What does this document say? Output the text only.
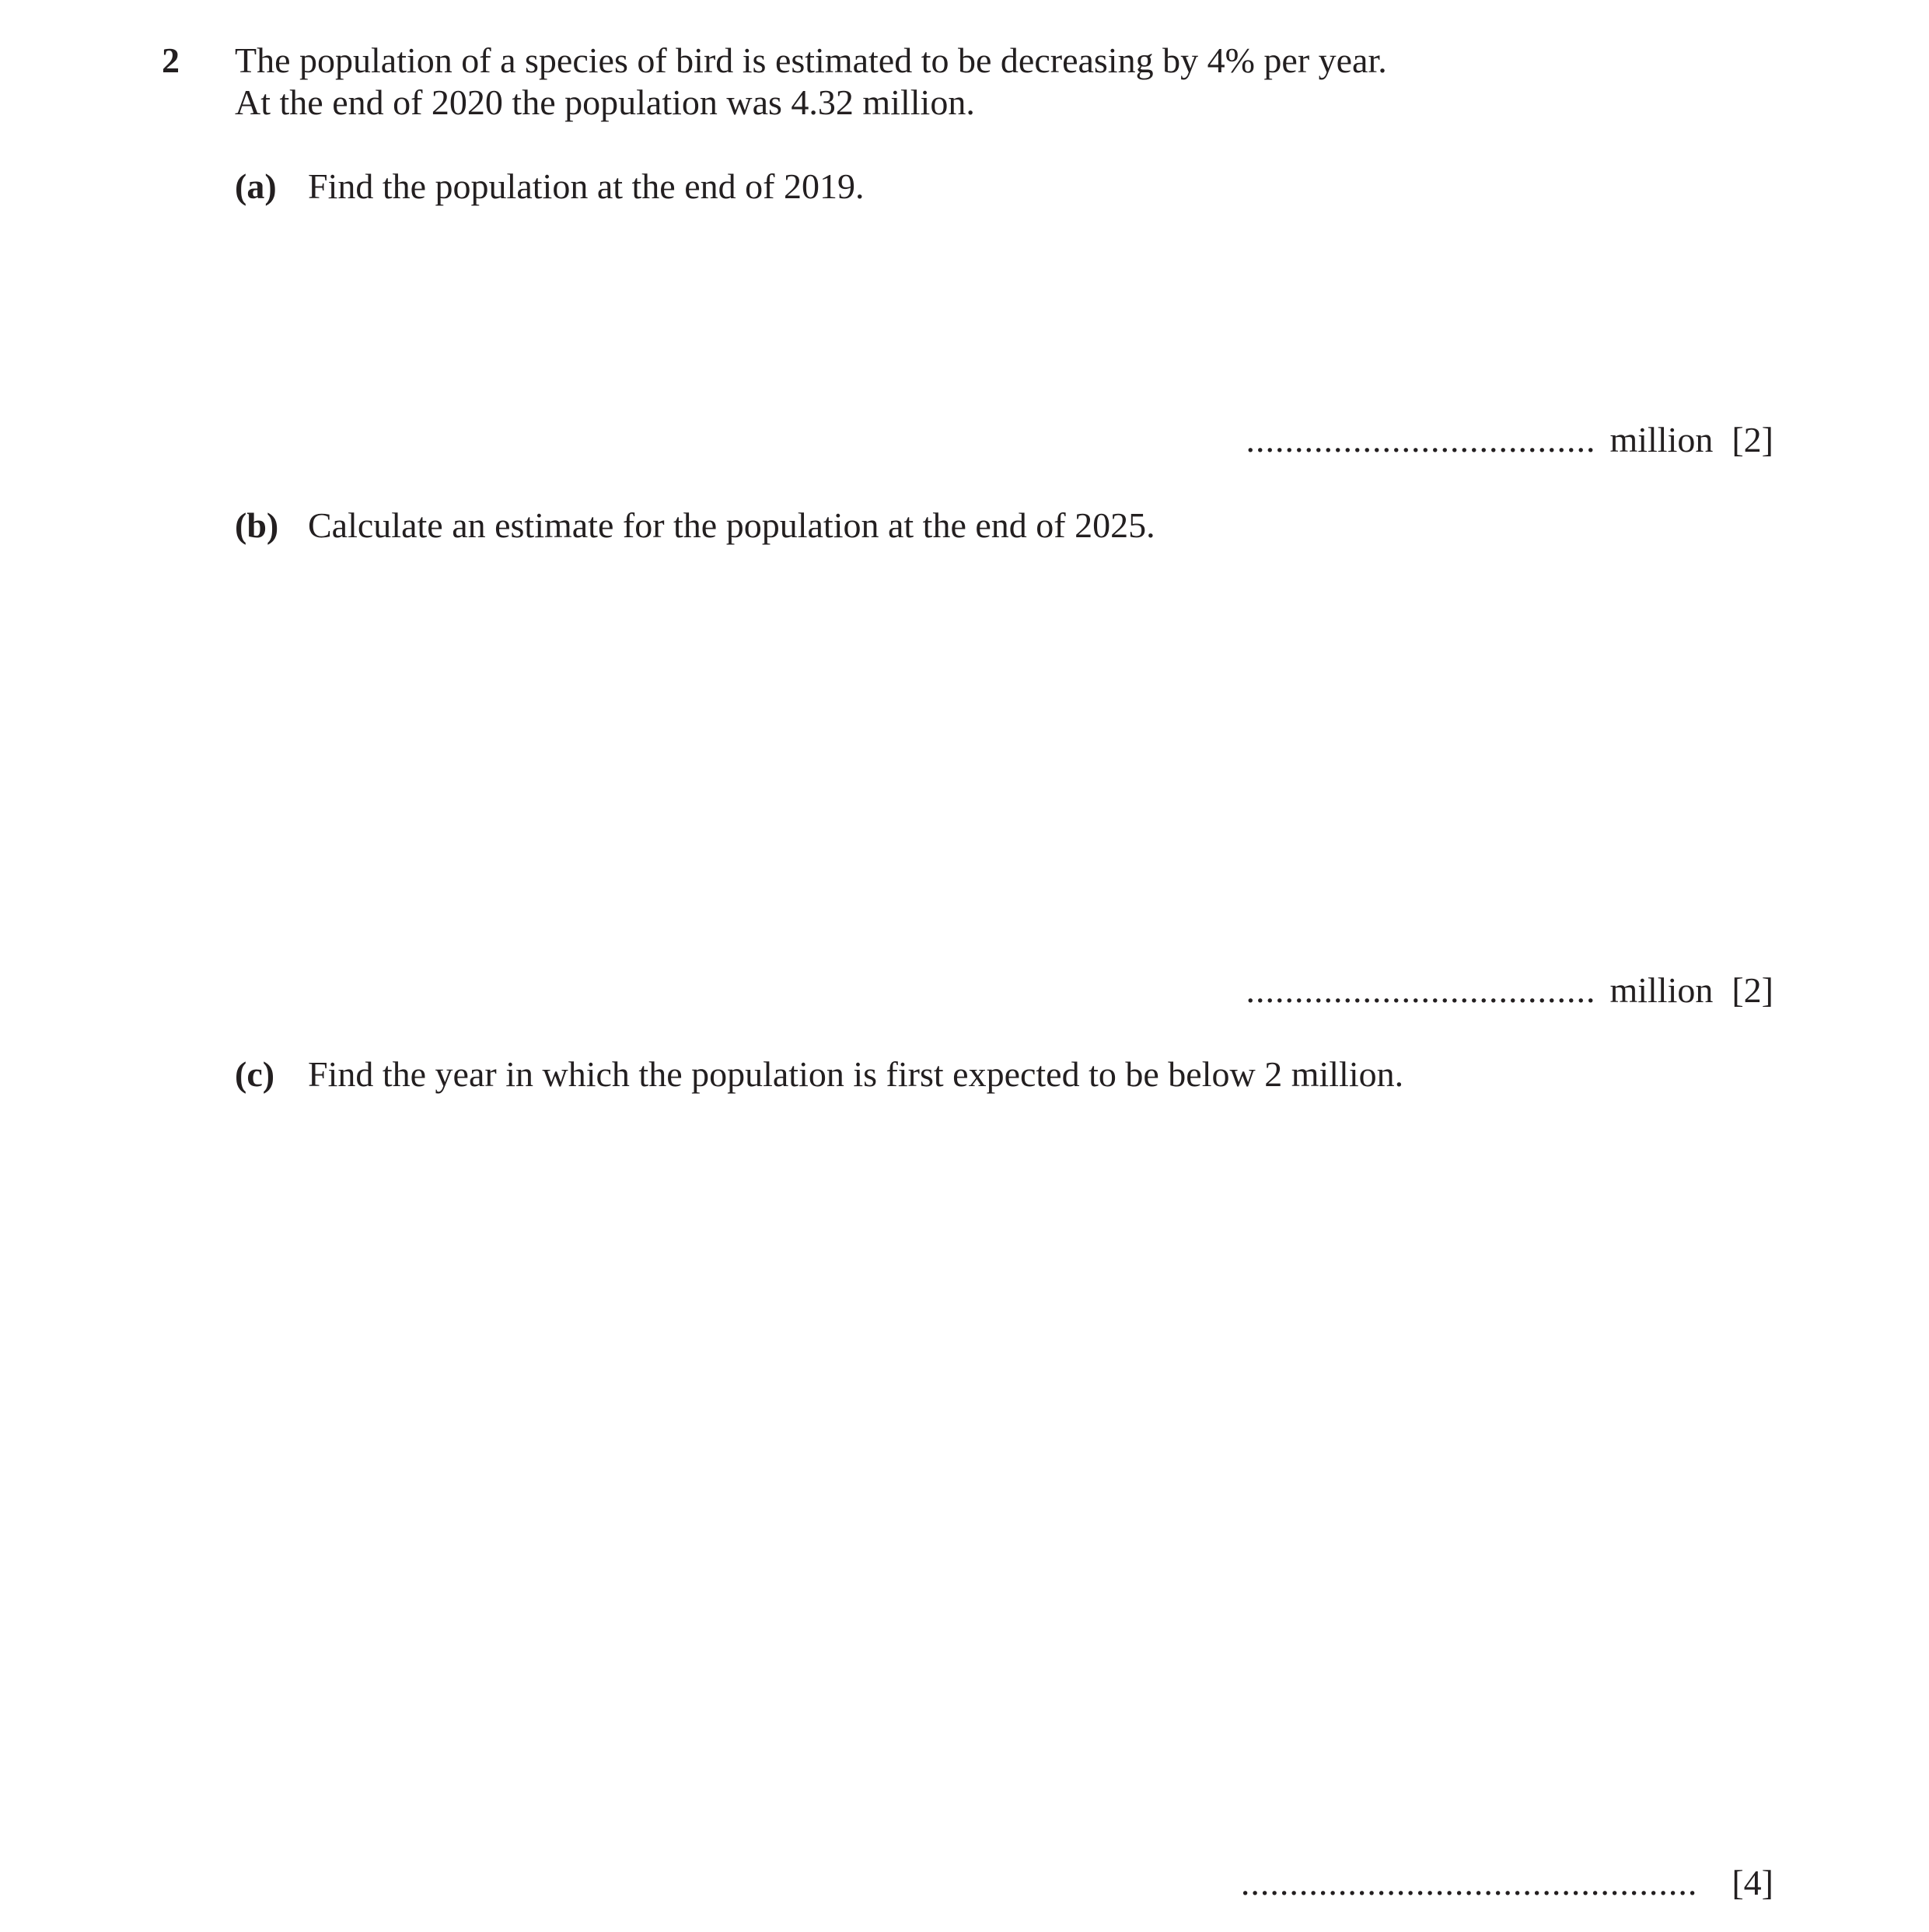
2 The population of a species of bird is estimated to be decreasing by 4% per year.
At the end of 2020 the population was 4.32 million.
(a) Find the population at the end of 2019.
.................................... million [2]
(b) Calculate an estimate for the population at the end of 2025.
.................................... million [2]
(c) Find the year in which the population is first expected to be below 2 million.
............................................... [4]
